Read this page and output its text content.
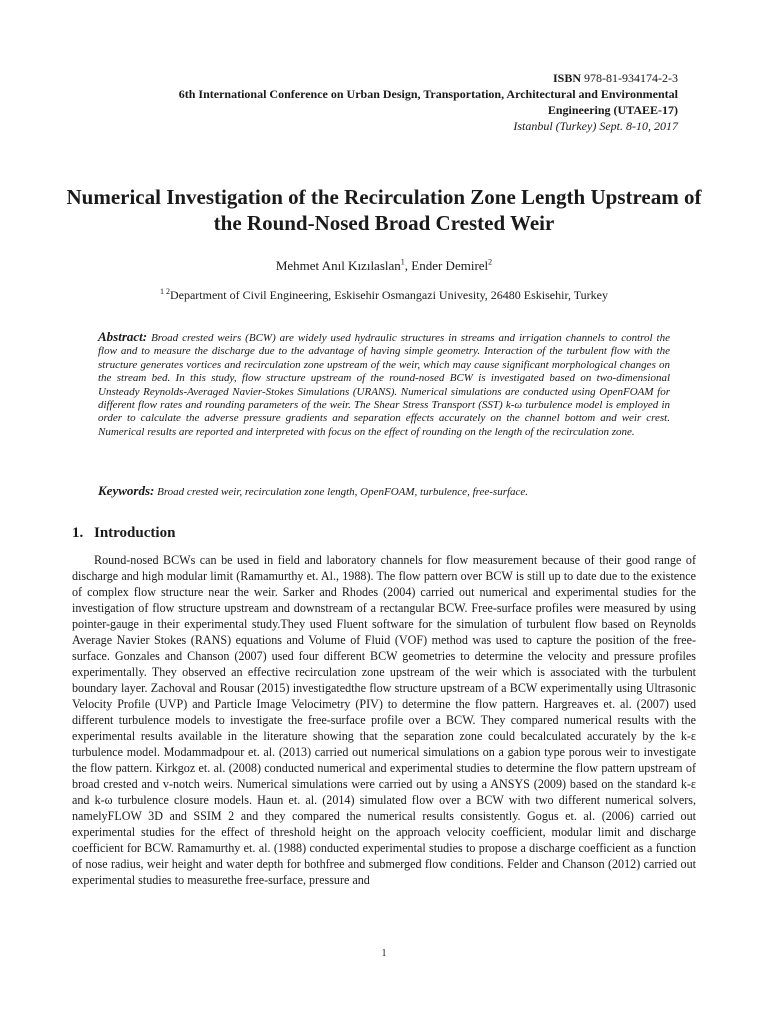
ISBN 978-81-934174-2-3
6th International Conference on Urban Design, Transportation, Architectural and Environmental
Engineering (UTAEE-17)
Istanbul (Turkey) Sept. 8-10, 2017
Numerical Investigation of the Recirculation Zone Length Upstream of the Round-Nosed Broad Crested Weir
Mehmet Anıl Kızılaslan$^1$, Ender Demirel$^2$
$^{1 2}$Department of Civil Engineering, Eskisehir Osmangazi Univesity, 26480 Eskisehir, Turkey
Abstract: Broad crested weirs (BCW) are widely used hydraulic structures in streams and irrigation channels to control the flow and to measure the discharge due to the advantage of having simple geometry. Interaction of the turbulent flow with the structure generates vortices and recirculation zone upstream of the weir, which may cause significant morphological changes on the stream bed. In this study, flow structure upstream of the round-nosed BCW is investigated based on two-dimensional Unsteady Reynolds-Averaged Navier-Stokes Simulations (URANS). Numerical simulations are conducted using OpenFOAM for different flow rates and rounding parameters of the weir. The Shear Stress Transport (SST) k-ω turbulence model is employed in order to calculate the adverse pressure gradients and separation effects accurately on the channel bottom and weir crest. Numerical results are reported and interpreted with focus on the effect of rounding on the length of the recirculation zone.
Keywords: Broad crested weir, recirculation zone length, OpenFOAM, turbulence, free-surface.
1. Introduction
Round-nosed BCWs can be used in field and laboratory channels for flow measurement because of their good range of discharge and high modular limit (Ramamurthy et. Al., 1988). The flow pattern over BCW is still up to date due to the existence of complex flow structure near the weir. Sarker and Rhodes (2004) carried out numerical and experimental studies for the investigation of flow structure upstream and downstream of a rectangular BCW. Free-surface profiles were measured by using pointer-gauge in their experimental study.They used Fluent software for the simulation of turbulent flow based on Reynolds Average Navier Stokes (RANS) equations and Volume of Fluid (VOF) method was used to capture the position of the free-surface. Gonzales and Chanson (2007) used four different BCW geometries to determine the velocity and pressure profiles experimentally. They observed an effective recirculation zone upstream of the weir which is associated with the turbulent boundary layer. Zachoval and Rousar (2015) investigatedthe flow structure upstream of a BCW experimentally using Ultrasonic Velocity Profile (UVP) and Particle Image Velocimetry (PIV) to determine the flow pattern. Hargreaves et. al. (2007) used different turbulence models to investigate the free-surface profile over a BCW. They compared numerical results with the experimental results available in the literature showing that the separation zone could becalculated accurately by the k-ε turbulence model. Modammadpour et. al. (2013) carried out numerical simulations on a gabion type porous weir to investigate the flow pattern. Kirkgoz et. al. (2008) conducted numerical and experimental studies to determine the flow pattern upstream of broad crested and v-notch weirs. Numerical simulations were carried out by using a ANSYS (2009) based on the standard k-ε and k-ω turbulence closure models. Haun et. al. (2014) simulated flow over a BCW with two different numerical solvers, namelyFLOW 3D and SSIM 2 and they compared the numerical results consistently. Gogus et. al. (2006) carried out experimental studies for the effect of threshold height on the approach velocity coefficient, modular limit and discharge coefficient for BCW. Ramamurthy et. al. (1988) conducted experimental studies to propose a discharge coefficient as a function of nose radius, weir height and water depth for bothfree and submerged flow conditions. Felder and Chanson (2012) carried out experimental studies to measurethe free-surface, pressure and
1
